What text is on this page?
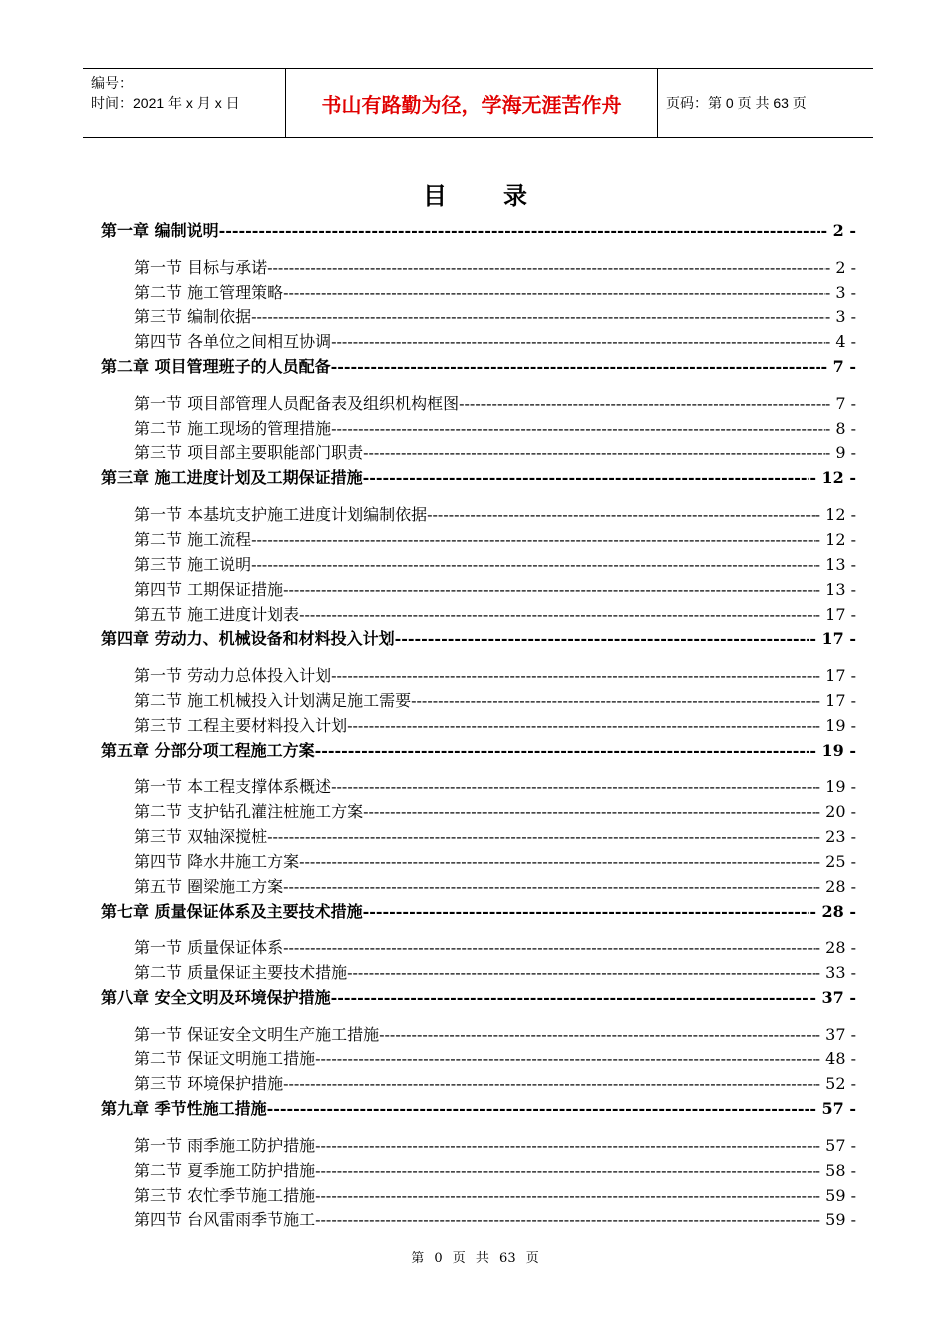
编号：
时间：2021 年 x 月 x 日	书山有路勤为径，学海无涯苦作舟	页码：第 0 页 共 63 页
目录
第一章 编制说明 -----	- 2 -
第一节 目标与承诺 -----	- 2 -
第二节 施工管理策略 -----	- 3 -
第三节 编制依据 -----	- 3 -
第四节 各单位之间相互协调 -----	- 4 -
第二章 项目管理班子的人员配备 -----	- 7 -
第一节 项目部管理人员配备表及组织机构框图 -----	- 7 -
第二节 施工现场的管理措施 -----	- 8 -
第三节 项目部主要职能部门职责 -----	- 9 -
第三章 施工进度计划及工期保证措施 -----	- 12 -
第一节 本基坑支护施工进度计划编制依据 -----	- 12 -
第二节 施工流程 -----	- 12 -
第三节 施工说明 -----	- 13 -
第四节 工期保证措施 -----	- 13 -
第五节 施工进度计划表 -----	- 17 -
第四章 劳动力、机械设备和材料投入计划 -----	- 17 -
第一节 劳动力总体投入计划 -----	- 17 -
第二节 施工机械投入计划满足施工需要 -----	- 17 -
第三节 工程主要材料投入计划 -----	- 19 -
第五章 分部分项工程施工方案 -----	- 19 -
第一节 本工程支撑体系概述 -----	- 19 -
第二节 支护钻孔灌注桩施工方案 -----	- 20 -
第三节 双轴深搅桩 -----	- 23 -
第四节 降水井施工方案 -----	- 25 -
第五节 圈梁施工方案 -----	- 28 -
第七章 质量保证体系及主要技术措施 -----	- 28 -
第一节 质量保证体系 -----	- 28 -
第二节 质量保证主要技术措施 -----	- 33 -
第八章 安全文明及环境保护措施 -----	- 37 -
第一节 保证安全文明生产施工措施 -----	- 37 -
第二节 保证文明施工措施 -----	- 48 -
第三节 环境保护措施 -----	- 52 -
第九章 季节性施工措施 -----	- 57 -
第一节 雨季施工防护措施 -----	- 57 -
第二节 夏季施工防护措施 -----	- 58 -
第三节 农忙季节施工措施 -----	- 59 -
第四节 台风雷雨季节施工 -----	- 59 -
第 0 页 共 63 页
